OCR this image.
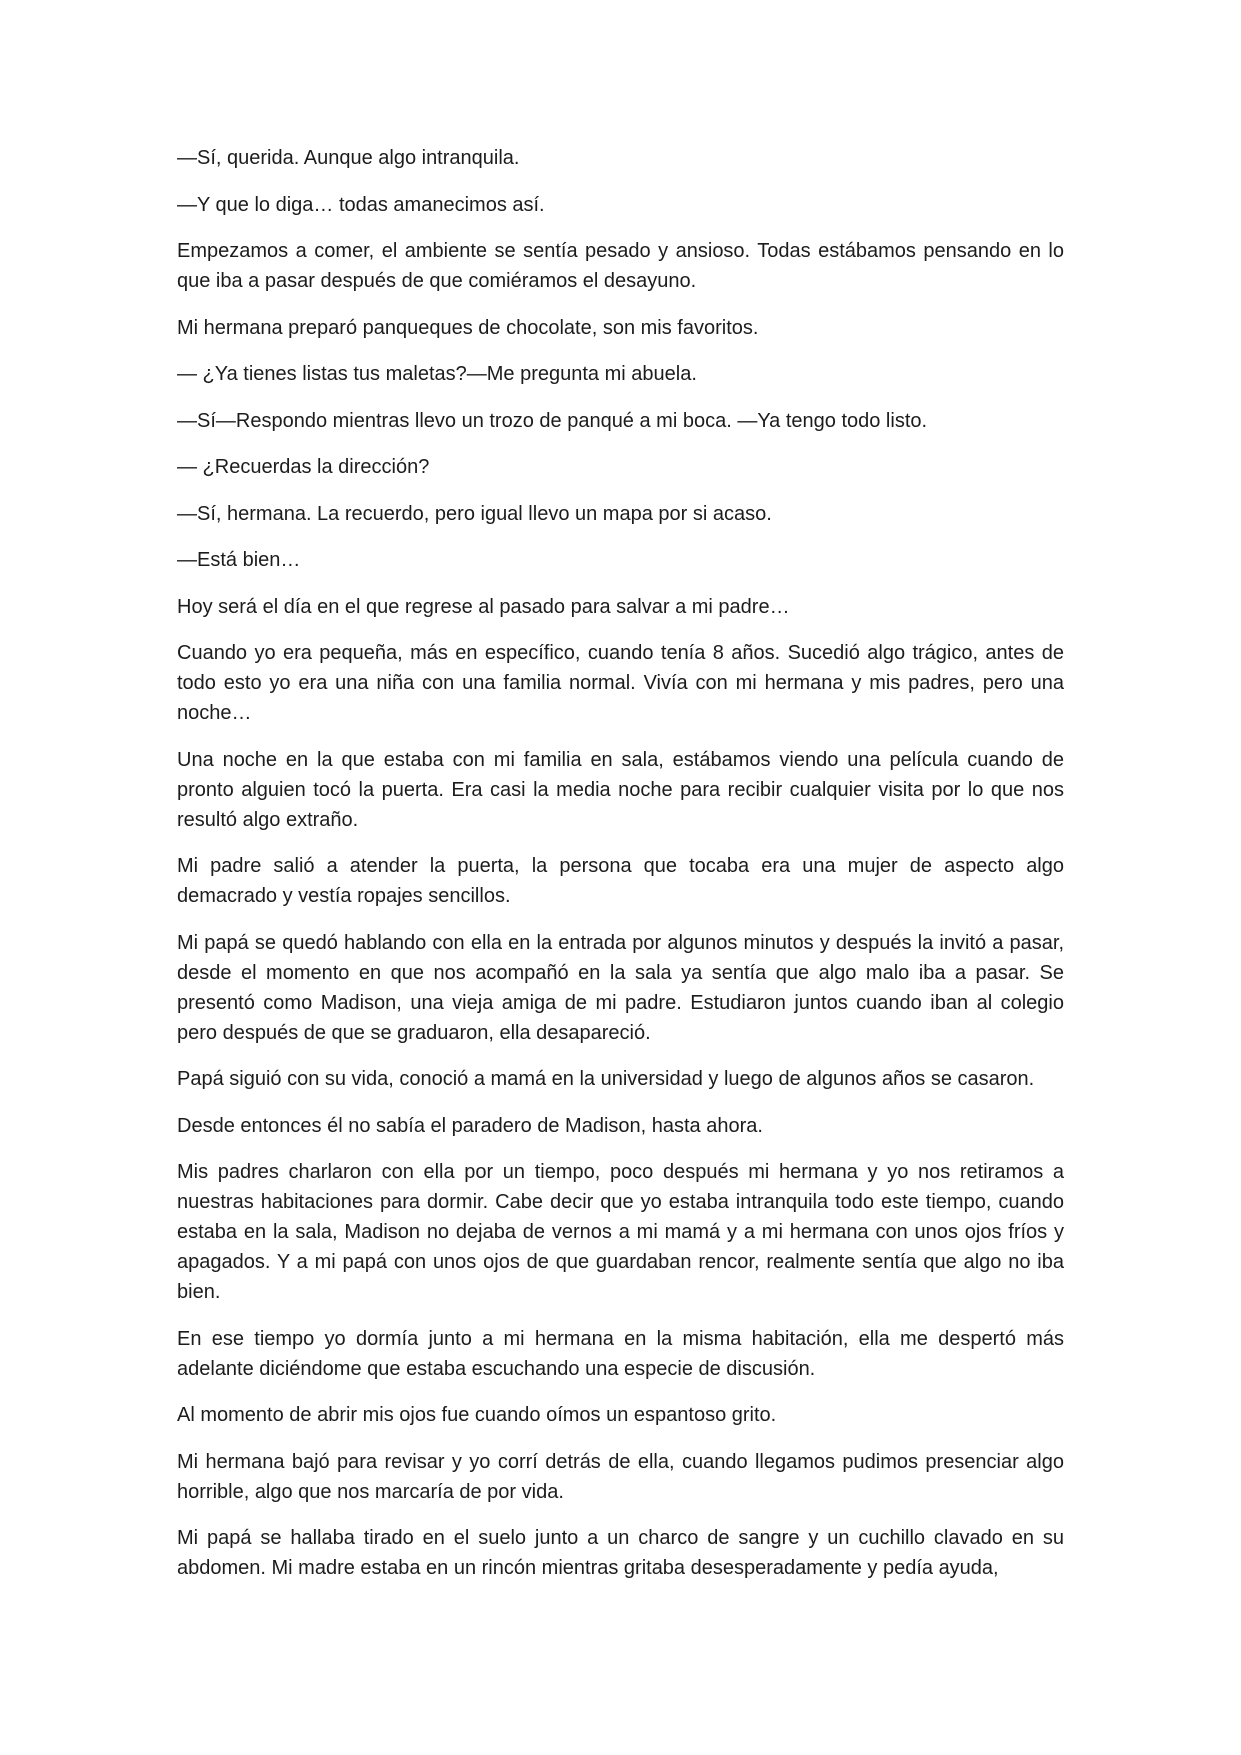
—Sí, querida. Aunque algo intranquila.

—Y que lo diga… todas amanecimos así.

Empezamos a comer, el ambiente se sentía pesado y ansioso. Todas estábamos pensando en lo que iba a pasar después de que comiéramos el desayuno.

Mi hermana preparó panqueques de chocolate, son mis favoritos.

— ¿Ya tienes listas tus maletas?—Me pregunta mi abuela.

—Sí—Respondo mientras llevo un trozo de panqué a mi boca. —Ya tengo todo listo.

— ¿Recuerdas la dirección?

—Sí, hermana. La recuerdo, pero igual llevo un mapa por si acaso.

—Está bien…

Hoy será el día en el que regrese al pasado para salvar a mi padre…

Cuando yo era pequeña, más en específico, cuando tenía 8 años. Sucedió algo trágico, antes de todo esto yo era una niña con una familia normal. Vivía con mi hermana y mis padres, pero una noche…

Una noche en la que estaba con mi familia en sala, estábamos viendo una película cuando de pronto alguien tocó la puerta. Era casi la media noche para recibir cualquier visita por lo que nos resultó algo extraño.

Mi padre salió a atender la puerta, la persona que tocaba era una mujer de aspecto algo demacrado y vestía ropajes sencillos.

Mi papá se quedó hablando con ella en la entrada por algunos minutos y después la invitó a pasar, desde el momento en que nos acompañó en la sala ya sentía que algo malo iba a pasar. Se presentó como Madison, una vieja amiga de mi padre. Estudiaron juntos cuando iban al colegio pero después de que se graduaron, ella desapareció.

Papá siguió con su vida, conoció a mamá en la universidad y luego de algunos años se casaron.

Desde entonces él no sabía el paradero de Madison, hasta ahora.

Mis padres charlaron con ella por un tiempo, poco después mi hermana y yo nos retiramos a nuestras habitaciones para dormir. Cabe decir que yo estaba intranquila todo este tiempo, cuando estaba en la sala, Madison no dejaba de vernos a mi mamá y a mi hermana con unos ojos fríos y apagados. Y a mi papá con unos ojos de que guardaban rencor, realmente sentía que algo no iba bien.

En ese tiempo yo dormía junto a mi hermana en la misma habitación, ella me despertó más adelante diciéndome que estaba escuchando una especie de discusión.

Al momento de abrir mis ojos fue cuando oímos un espantoso grito.

Mi hermana bajó para revisar y yo corrí detrás de ella, cuando llegamos pudimos presenciar algo horrible, algo que nos marcaría de por vida.

Mi papá se hallaba tirado en el suelo junto a un charco de sangre y un cuchillo clavado en su abdomen. Mi madre estaba en un rincón mientras gritaba desesperadamente y pedía ayuda,
